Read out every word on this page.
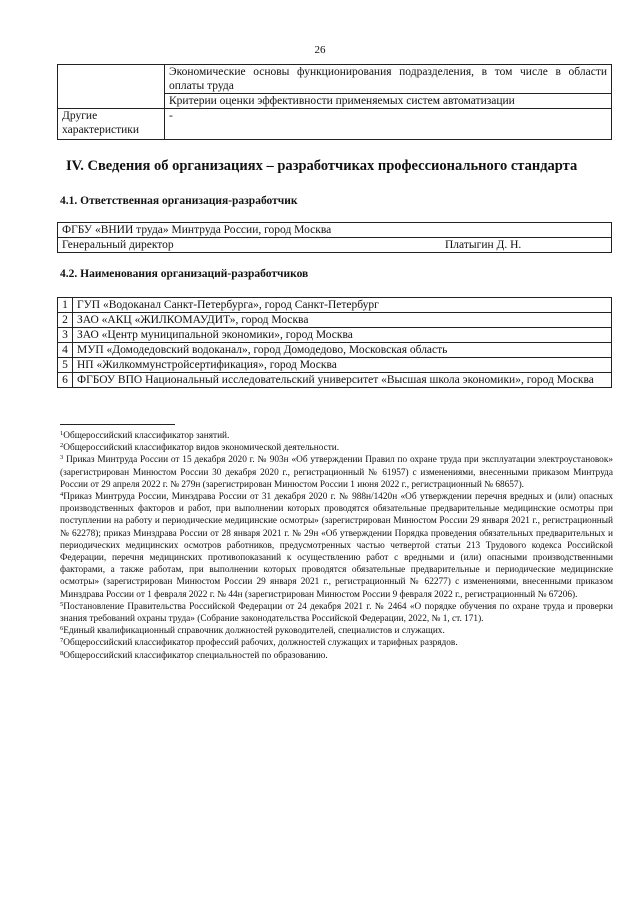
26
	Экономические основы функционирования подразделения, в том числе в области оплаты труда
	Критерии оценки эффективности применяемых систем автоматизации
Другие характеристики	-
IV. Сведения об организациях – разработчиках профессионального стандарта
4.1. Ответственная организация-разработчик
ФГБУ «ВНИИ труда» Минтруда России, город Москва
Генеральный директор	Платыгин Д. Н.
4.2. Наименования организаций-разработчиков
1	ГУП «Водоканал Санкт-Петербурга», город Санкт-Петербург
2	ЗАО «АКЦ «ЖИЛКОМАУДИТ», город Москва
3	ЗАО «Центр муниципальной экономики», город Москва
4	МУП «Домодедовский водоканал», город Домодедово, Московская область
5	НП «Жилкоммунстройсертификация», город Москва
6	ФГБОУ ВПО Национальный исследовательский университет «Высшая школа экономики», город Москва

$^1$Общероссийский классификатор занятий.

$^2$Общероссийский классификатор видов экономической деятельности.

$^3$ Приказ Минтруда России от 15 декабря 2020 г. № 903н «Об утверждении Правил по охране труда при эксплуатации электроустановок» (зарегистрирован Минюстом России 30 декабря 2020 г., регистрационный № 61957) с изменениями, внесенными приказом Минтруда России от 29 апреля 2022 г. № 279н (зарегистрирован Минюстом России 1 июня 2022 г., регистрационный № 68657).

$^4$Приказ Минтруда России, Минздрава России от 31 декабря 2020 г. № 988н/1420н «Об утверждении перечня вредных и (или) опасных производственных факторов и работ, при выполнении которых проводятся обязательные предварительные медицинские осмотры при поступлении на работу и периодические медицинские осмотры» (зарегистрирован Минюстом России 29 января 2021 г., регистрационный № 62278); приказ Минздрава России от 28 января 2021 г. № 29н «Об утверждении Порядка проведения обязательных предварительных и периодических медицинских осмотров работников, предусмотренных частью четвертой статьи 213 Трудового кодекса Российской Федерации, перечня медицинских противопоказаний к осуществлению работ с вредными и (или) опасными производственными факторами, а также работам, при выполнении которых проводятся обязательные предварительные и периодические медицинские осмотры» (зарегистрирован Минюстом России 29 января 2021 г., регистрационный № 62277) с изменениями, внесенными приказом Минздрава России от 1 февраля 2022 г. № 44н (зарегистрирован Минюстом России 9 февраля 2022 г., регистрационный № 67206).

$^5$Постановление Правительства Российской Федерации от 24 декабря 2021 г. № 2464 «О порядке обучения по охране труда и проверки знания требований охраны труда» (Собрание законодательства Российской Федерации, 2022, № 1, ст. 171).

$^6$Единый квалификационный справочник должностей руководителей, специалистов и служащих.

$^7$Общероссийский классификатор профессий рабочих, должностей служащих и тарифных разрядов.

$^8$Общероссийский классификатор специальностей по образованию.
